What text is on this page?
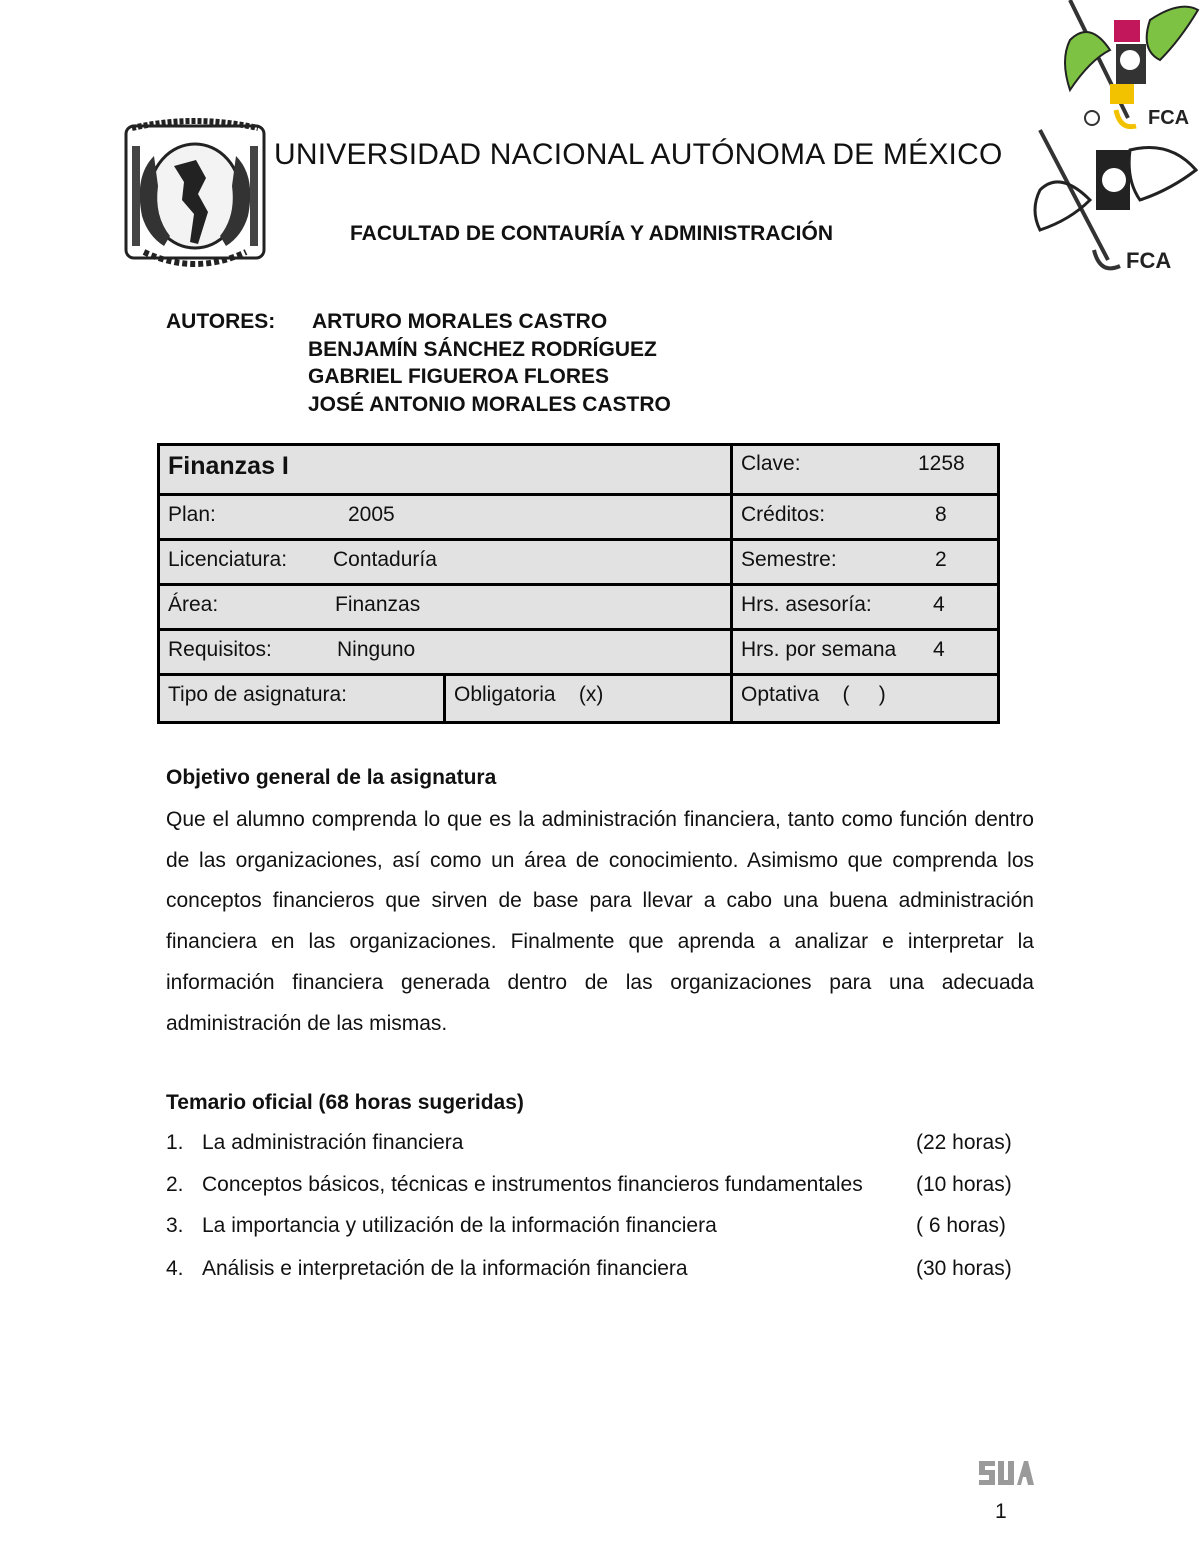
FCA
FCA
UNIVERSIDAD NACIONAL AUTÓNOMA DE MÉXICO
FACULTAD DE CONTAURÍA Y ADMINISTRACIÓN
AUTORES: ARTURO MORALES CASTRO
BENJAMÍN SÁNCHEZ RODRÍGUEZ
GABRIEL FIGUEROA FLORES
JOSÉ ANTONIO MORALES CASTRO
Finanzas I	Clave:	1258
Plan:	2005	Créditos:	8
Licenciatura: Contaduría	Semestre:	2
Área:	Finanzas	Hrs. asesoría:	4
Requisitos:	Ninguno	Hrs. por semana 4
Tipo de asignatura:	Obligatoria    (x)	Optativa    (     )
Objetivo general de la asignatura

Que el alumno comprenda lo que es la administración financiera, tanto como función dentro de las organizaciones, así como un área de conocimiento. Asimismo que comprenda los conceptos financieros que sirven de base para llevar a cabo una buena administración financiera en las organizaciones. Finalmente que aprenda a analizar e interpretar la información financiera generada dentro de las organizaciones para una adecuada administración de las mismas.

Temario oficial (68 horas sugeridas)
1. La administración financiera	(22 horas)
2. Conceptos básicos, técnicas e instrumentos financieros fundamentales	(10 horas)
3. La importancia y utilización de la información financiera	( 6 horas)
4. Análisis e interpretación de la información financiera	(30 horas)
1
